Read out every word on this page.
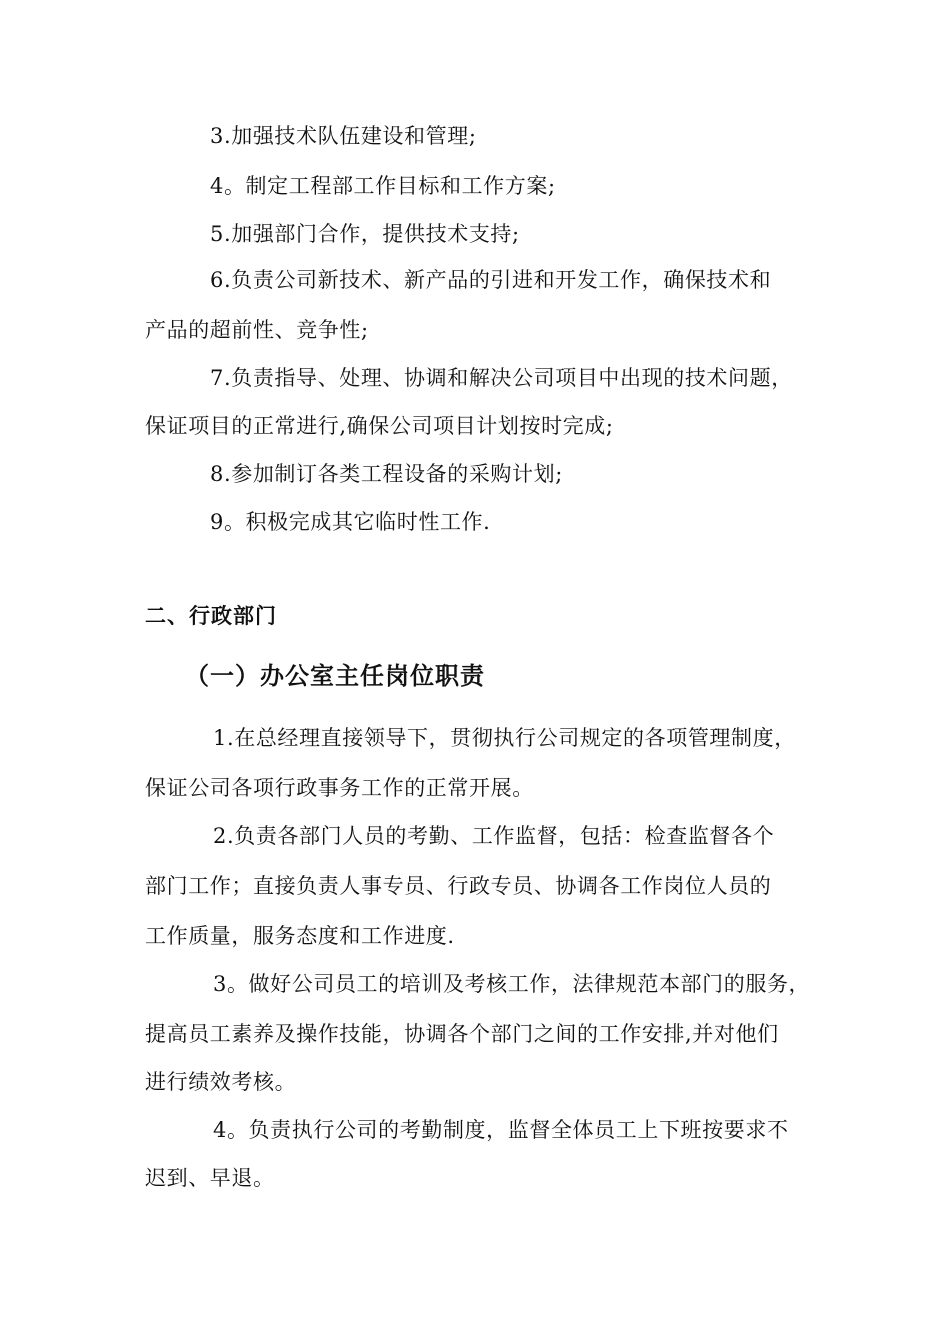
3.加强技术队伍建设和管理;
4。制定工程部工作目标和工作方案;
5.加强部门合作，提供技术支持;
6.负责公司新技术、新产品的引进和开发工作，确保技术和
产品的超前性、竞争性;
7.负责指导、处理、协调和解决公司项目中出现的技术问题，
保证项目的正常进行,确保公司项目计划按时完成;
8.参加制订各类工程设备的采购计划;
9。积极完成其它临时性工作.
二、行政部门
（一）办公室主任岗位职责
1.在总经理直接领导下，贯彻执行公司规定的各项管理制度，
保证公司各项行政事务工作的正常开展。
2.负责各部门人员的考勤、工作监督，包括：检查监督各个
部门工作；直接负责人事专员、行政专员、协调各工作岗位人员的
工作质量，服务态度和工作进度.
3。做好公司员工的培训及考核工作，法律规范本部门的服务，
提高员工素养及操作技能，协调各个部门之间的工作安排,并对他们
进行绩效考核。
4。负责执行公司的考勤制度，监督全体员工上下班按要求不
迟到、早退。
